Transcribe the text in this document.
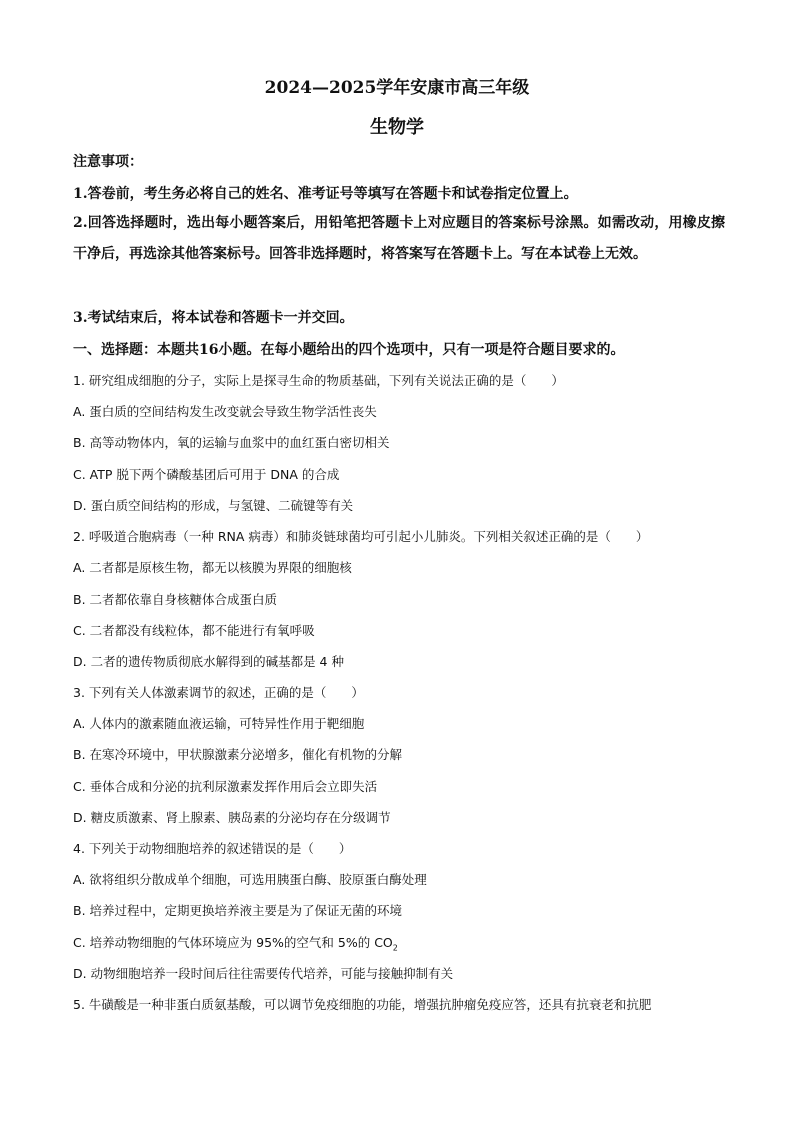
2024—2025学年安康市高三年级
生物学
注意事项：
1.答卷前，考生务必将自己的姓名、准考证号等填写在答题卡和试卷指定位置上。
2.回答选择题时，选出每小题答案后，用铅笔把答题卡上对应题目的答案标号涂黑。如需改动，用橡皮擦干净后，再选涂其他答案标号。回答非选择题时，将答案写在答题卡上。写在本试卷上无效。
3.考试结束后，将本试卷和答题卡一并交回。
一、选择题：本题共16小题。在每小题给出的四个选项中，只有一项是符合题目要求的。
1. 研究组成细胞的分子，实际上是探寻生命的物质基础，下列有关说法正确的是（　　）
A. 蛋白质的空间结构发生改变就会导致生物学活性丧失
B. 高等动物体内，氧的运输与血浆中的血红蛋白密切相关
C. ATP 脱下两个磷酸基团后可用于 DNA 的合成
D. 蛋白质空间结构的形成，与氢键、二硫键等有关
2. 呼吸道合胞病毒（一种 RNA 病毒）和肺炎链球菌均可引起小儿肺炎。下列相关叙述正确的是（　　）
A. 二者都是原核生物，都无以核膜为界限的细胞核
B. 二者都依靠自身核糖体合成蛋白质
C. 二者都没有线粒体，都不能进行有氧呼吸
D. 二者的遗传物质彻底水解得到的碱基都是 4 种
3. 下列有关人体激素调节的叙述，正确的是（　　）
A. 人体内的激素随血液运输，可特异性作用于靶细胞
B. 在寒冷环境中，甲状腺激素分泌增多，催化有机物的分解
C. 垂体合成和分泌的抗利尿激素发挥作用后会立即失活
D. 糖皮质激素、肾上腺素、胰岛素的分泌均存在分级调节
4. 下列关于动物细胞培养的叙述错误的是（　　）
A. 欲将组织分散成单个细胞，可选用胰蛋白酶、胶原蛋白酶处理
B. 培养过程中，定期更换培养液主要是为了保证无菌的环境
C. 培养动物细胞的气体环境应为 95%的空气和 5%的 $CO_2$
D. 动物细胞培养一段时间后往往需要传代培养，可能与接触抑制有关
5. 牛磺酸是一种非蛋白质氨基酸，可以调节免疫细胞的功能，增强抗肿瘤免疫应答，还具有抗衰老和抗肥
